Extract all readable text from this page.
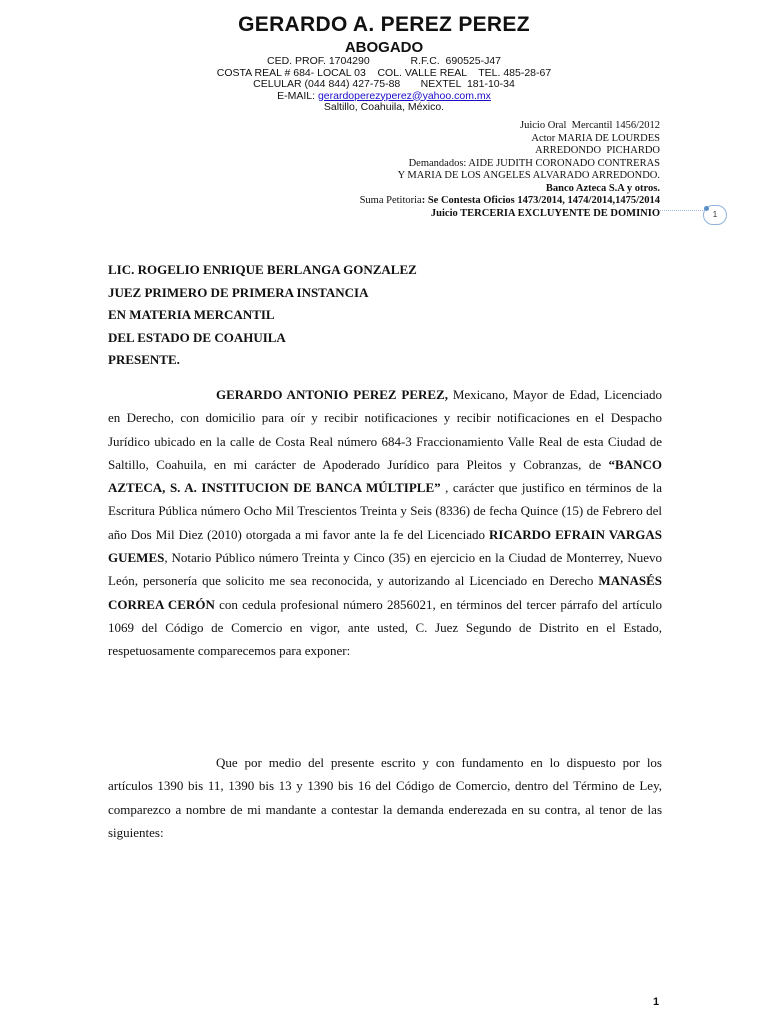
GERARDO A. PEREZ PEREZ
ABOGADO
CED. PROF. 1704290              R.F.C.  690525-J47
COSTA REAL # 684- LOCAL 03    COL. VALLE REAL    TEL. 485-28-67
CELULAR (044 844) 427-75-88       NEXTEL  181-10-34
E-MAIL: gerardoperezyperez@yahoo.com.mx
Saltillo, Coahuila, México.
Juicio Oral  Mercantil 1456/2012
Actor MARIA DE LOURDES
ARREDONDO  PICHARDO
Demandados: AIDE JUDITH CORONADO CONTRERAS
Y MARIA DE LOS ANGELES ALVARADO ARREDONDO.
Banco Azteca S.A y otros.
Suma Petitoria: Se Contesta Oficios 1473/2014, 1474/2014,1475/2014
Juicio TERCERIA EXCLUYENTE DE DOMINIO	1
LIC. ROGELIO ENRIQUE BERLANGA GONZALEZ
JUEZ PRIMERO DE PRIMERA INSTANCIA
EN MATERIA MERCANTIL
DEL ESTADO DE COAHUILA
PRESENTE.
GERARDO ANTONIO PEREZ PEREZ, Mexicano, Mayor de Edad, Licenciado en Derecho, con domicilio para oír y recibir notificaciones y recibir notificaciones en el Despacho Jurídico ubicado en la calle de Costa Real número 684-3 Fraccionamiento Valle Real de esta Ciudad de Saltillo, Coahuila, en mi carácter de Apoderado Jurídico para Pleitos y Cobranzas, de “BANCO AZTECA, S. A. INSTITUCION DE BANCA MÚLTIPLE” , carácter que justifico en términos de la Escritura Pública número Ocho Mil Trescientos Treinta y Seis (8336) de fecha Quince (15) de Febrero del año Dos Mil Diez (2010) otorgada a mi favor ante la fe del Licenciado RICARDO EFRAIN VARGAS GUEMES, Notario Público número Treinta y Cinco (35) en ejercicio en la Ciudad de Monterrey, Nuevo León, personería que solicito me sea reconocida, y autorizando al Licenciado en Derecho MANASÉS CORREA CERÓN con cedula profesional número 2856021, en términos del tercer párrafo del artículo 1069 del Código de Comercio en vigor, ante usted, C. Juez Segundo de Distrito en el Estado, respetuosamente comparecemos para exponer:
Que por medio del presente escrito y con fundamento en lo dispuesto por los artículos 1390 bis 11, 1390 bis 13 y 1390 bis 16 del Código de Comercio, dentro del Término de Ley, comparezco a nombre de mi mandante a contestar la demanda enderezada en su contra, al tenor de las siguientes:
1
